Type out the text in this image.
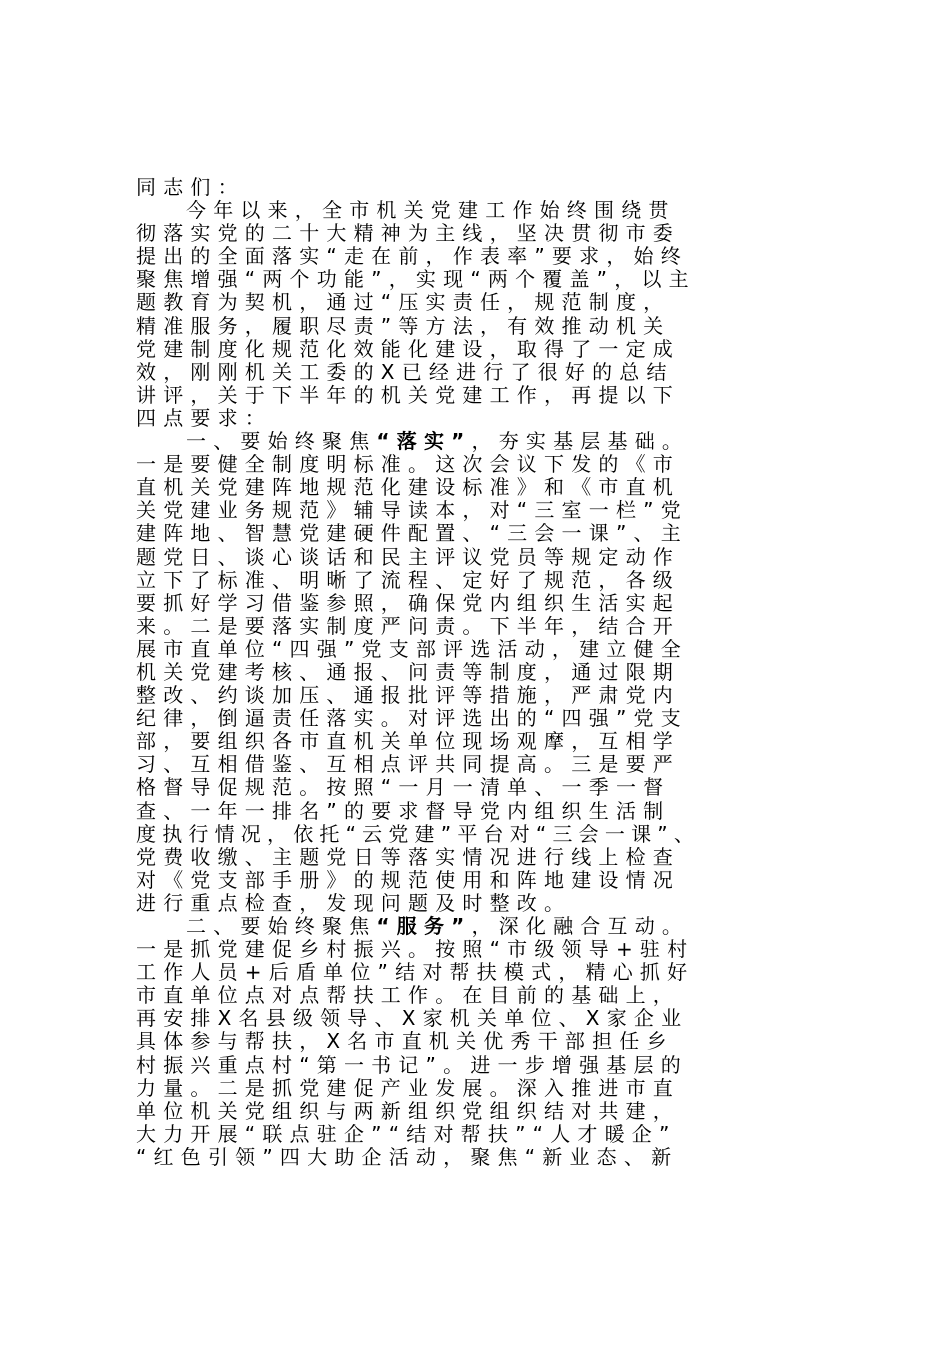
同志们：
今年以来，全市机关党建工作始终围绕贯
彻落实党的二十大精神为主线，坚决贯彻市委
提出的全面落实“走在前，作表率”要求，始终
聚焦增强“两个功能”，实现“两个覆盖”，以主
题教育为契机，通过“压实责任，规范制度，
精准服务，履职尽责”等方法，有效推动机关
党建制度化规范化效能化建设，取得了一定成
效，刚刚机关工委的X已经进行了很好的总结
讲评，关于下半年的机关党建工作，再提以下
四点要求：
一、要始终聚焦“落实”，夯实基层基础。
一是要健全制度明标准。这次会议下发的《市
直机关党建阵地规范化建设标准》和《市直机
关党建业务规范》辅导读本，对“三室一栏”党
建阵地、智慧党建硬件配置、“三会一课”、主
题党日、谈心谈话和民主评议党员等规定动作
立下了标准、明晰了流程、定好了规范，各级
要抓好学习借鉴参照，确保党内组织生活实起
来。二是要落实制度严问责。下半年，结合开
展市直单位“四强”党支部评选活动，建立健全
机关党建考核、通报、问责等制度，通过限期
整改、约谈加压、通报批评等措施，严肃党内
纪律，倒逼责任落实。对评选出的“四强”党支
部，要组织各市直机关单位现场观摩，互相学
习、互相借鉴、互相点评共同提高。三是要严
格督导促规范。按照“一月一清单、一季一督
查、一年一排名”的要求督导党内组织生活制
度执行情况，依托“云党建”平台对“三会一课”、
党费收缴、主题党日等落实情况进行线上检查
对《党支部手册》的规范使用和阵地建设情况
进行重点检查，发现问题及时整改。
二、要始终聚焦“服务”，深化融合互动。
一是抓党建促乡村振兴。按照“市级领导+驻村
工作人员+后盾单位”结对帮扶模式，精心抓好
市直单位点对点帮扶工作。在目前的基础上，
再安排X名县级领导、X家机关单位、X家企业
具体参与帮扶，X名市直机关优秀干部担任乡
村振兴重点村“第一书记”。进一步增强基层的
力量。二是抓党建促产业发展。深入推进市直
单位机关党组织与两新组织党组织结对共建，
大力开展“联点驻企”“结对帮扶”“人才暖企”
“红色引领”四大助企活动，聚焦“新业态、新
